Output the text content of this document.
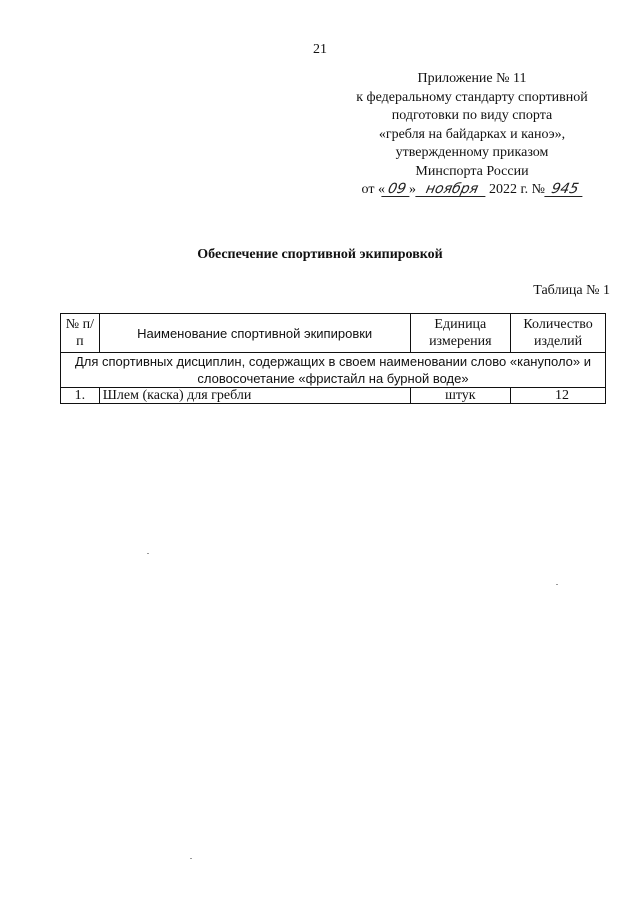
21
Приложение № 11
к федеральному стандарту спортивной
подготовки по виду спорта
«гребля на байдарках и каноэ»,
утвержденному приказом
Минспорта России
от «09» ноября 2022 г. № 945
Обеспечение спортивной экипировкой
Таблица № 1
№ п/п	Наименование спортивной экипировки	Единица измерения	Количество изделий
Для спортивных дисциплин, содержащих в своем наименовании слово «кануполо» и словосочетание «фристайл на бурной воде»			
1.	Шлем (каска) для гребли	штук	12
